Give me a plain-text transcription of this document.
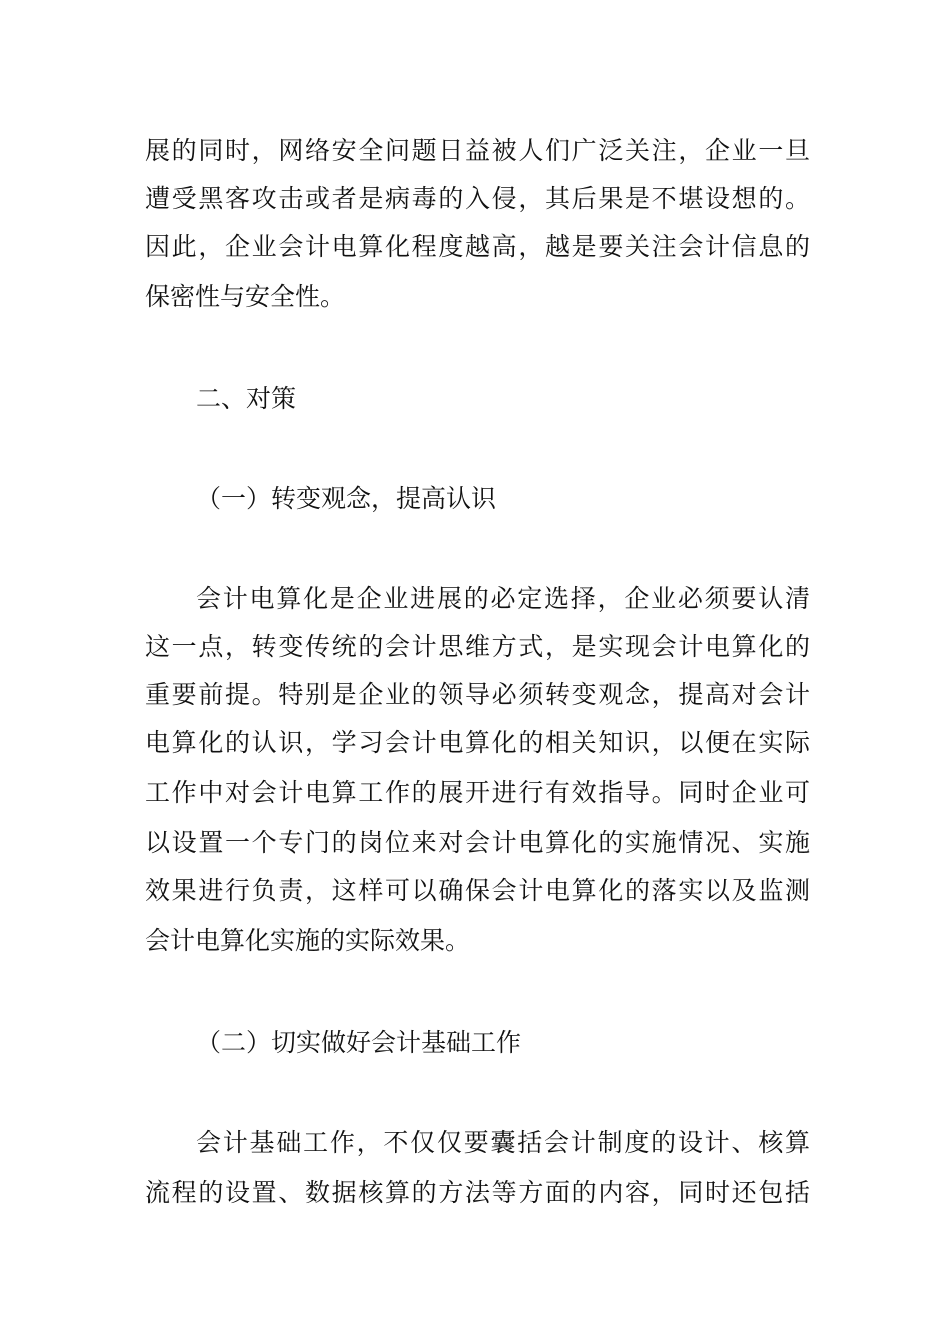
展的同时，网络安全问题日益被人们广泛关注，企业一旦
遭受黑客攻击或者是病毒的入侵，其后果是不堪设想的。
因此，企业会计电算化程度越高，越是要关注会计信息的
保密性与安全性。
二、对策
（一）转变观念，提高认识
会计电算化是企业进展的必定选择，企业必须要认清
这一点，转变传统的会计思维方式，是实现会计电算化的
重要前提。特别是企业的领导必须转变观念，提高对会计
电算化的认识，学习会计电算化的相关知识，以便在实际
工作中对会计电算工作的展开进行有效指导。同时企业可
以设置一个专门的岗位来对会计电算化的实施情况、实施
效果进行负责，这样可以确保会计电算化的落实以及监测
会计电算化实施的实际效果。
（二）切实做好会计基础工作
会计基础工作，不仅仅要囊括会计制度的设计、核算
流程的设置、数据核算的方法等方面的内容，同时还包括
